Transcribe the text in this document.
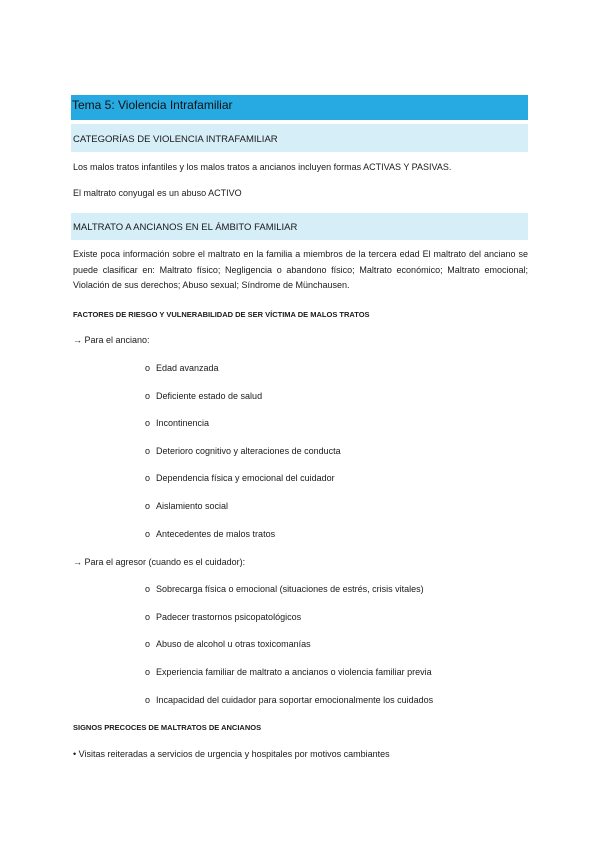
Tema 5: Violencia Intrafamiliar
CATEGORÍAS DE VIOLENCIA INTRAFAMILIAR
Los malos tratos infantiles y los malos tratos a ancianos incluyen formas ACTIVAS Y PASIVAS.
El maltrato conyugal es un abuso ACTIVO
MALTRATO A ANCIANOS EN EL ÁMBITO FAMILIAR
Existe poca información sobre el maltrato en la familia a miembros de la tercera edad El maltrato del anciano se puede clasificar en: Maltrato físico; Negligencia o abandono físico; Maltrato económico; Maltrato emocional; Violación de sus derechos; Abuso sexual; Síndrome de Münchausen.
FACTORES DE RIESGO Y VULNERABILIDAD DE SER VÍCTIMA DE MALOS TRATOS
→ Para el anciano:
o Edad avanzada
o Deficiente estado de salud
o Incontinencia
o Deterioro cognitivo y alteraciones de conducta
o Dependencia física y emocional del cuidador
o Aislamiento social
o Antecedentes de malos tratos
→ Para el agresor (cuando es el cuidador):
o Sobrecarga física o emocional (situaciones de estrés, crisis vitales)
o Padecer trastornos psicopatológicos
o Abuso de alcohol u otras toxicomanías
o Experiencia familiar de maltrato a ancianos o violencia familiar previa
o Incapacidad del cuidador para soportar emocionalmente los cuidados
SIGNOS PRECOCES DE MALTRATOS DE ANCIANOS
• Visitas reiteradas a servicios de urgencia y hospitales por motivos cambiantes
